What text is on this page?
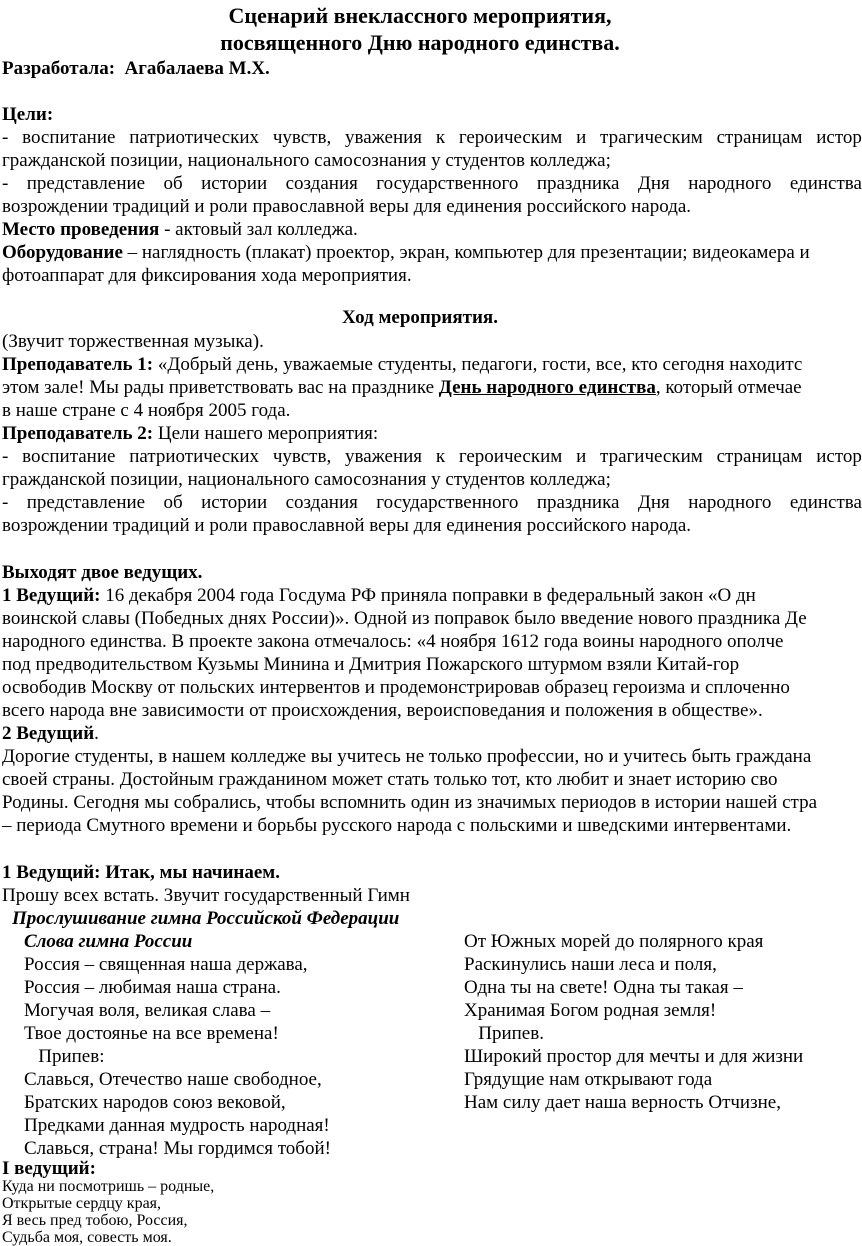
Сценарий внеклассного мероприятия,
посвященного Дню народного единства.
Разработала: Агабалаева М.Х.
Цели:
- воспитание патриотических чувств, уважения к героическим и трагическим страницам истор
гражданской позиции, национального самосознания у студентов колледжа;
- представление об истории создания государственного праздника Дня народного единства
возрождении традиций и роли православной веры для единения российского народа.
Место проведения - актовый зал колледжа.
Оборудование – наглядность (плакат) проектор, экран, компьютер для презентации; видеокамера и
фотоаппарат для фиксирования хода мероприятия.
Ход мероприятия.
(Звучит торжественная музыка).
Преподаватель 1: «Добрый день, уважаемые студенты, педагоги, гости, все, кто сегодня находитс
этом зале! Мы рады приветствовать вас на празднике День народного единства, который отмечае
в наше стране с 4 ноября 2005 года.
Преподаватель 2: Цели нашего мероприятия:
- воспитание патриотических чувств, уважения к героическим и трагическим страницам истор
гражданской позиции, национального самосознания у студентов колледжа;
- представление об истории создания государственного праздника Дня народного единства
возрождении традиций и роли православной веры для единения российского народа.
Выходят двое ведущих.
1 Ведущий: 16 декабря 2004 года Госдума РФ приняла поправки в федеральный закон «О дн
воинской славы (Победных днях России)». Одной из поправок было введение нового праздника Де
народного единства. В проекте закона отмечалось: «4 ноября 1612 года воины народного ополче
под предводительством Кузьмы Минина и Дмитрия Пожарского штурмом взяли Китай-гор
освободив Москву от польских интервентов и продемонстрировав образец героизма и сплоченно
всего народа вне зависимости от происхождения, вероисповедания и положения в обществе».
2 Ведущий.
Дорогие студенты, в нашем колледже вы учитесь не только профессии, но и учитесь быть граждана
своей страны. Достойным гражданином может стать только тот, кто любит и знает историю сво
Родины. Сегодня мы собрались, чтобы вспомнить один из значимых периодов в истории нашей стра
– периода Смутного времени и борьбы русского народа с польскими и шведскими интервентами.
1 Ведущий: Итак, мы начинаем.
Прошу всех встать. Звучит государственный Гимн
Прослушивание гимна Российской Федерации
Слова гимна России
Россия – священная наша держава,
Россия – любимая наша страна.
Могучая воля, великая слава –
Твое достоянье на все времена!
Припев:
Славься, Отечество наше свободное,
Братских народов союз вековой,
Предками данная мудрость народная!
Славься, страна! Мы гордимся тобой!
От Южных морей до полярного края
Раскинулись наши леса и поля,
Одна ты на свете! Одна ты такая –
Хранимая Богом родная земля!
Припев.
Широкий простор для мечты и для жизни
Грядущие нам открывают года
Нам силу дает наша верность Отчизне,
I ведущий:
Куда ни посмотришь – родные,
Открытые сердцу края,
Я весь пред тобою, Россия,
Судьба моя, совесть моя.
